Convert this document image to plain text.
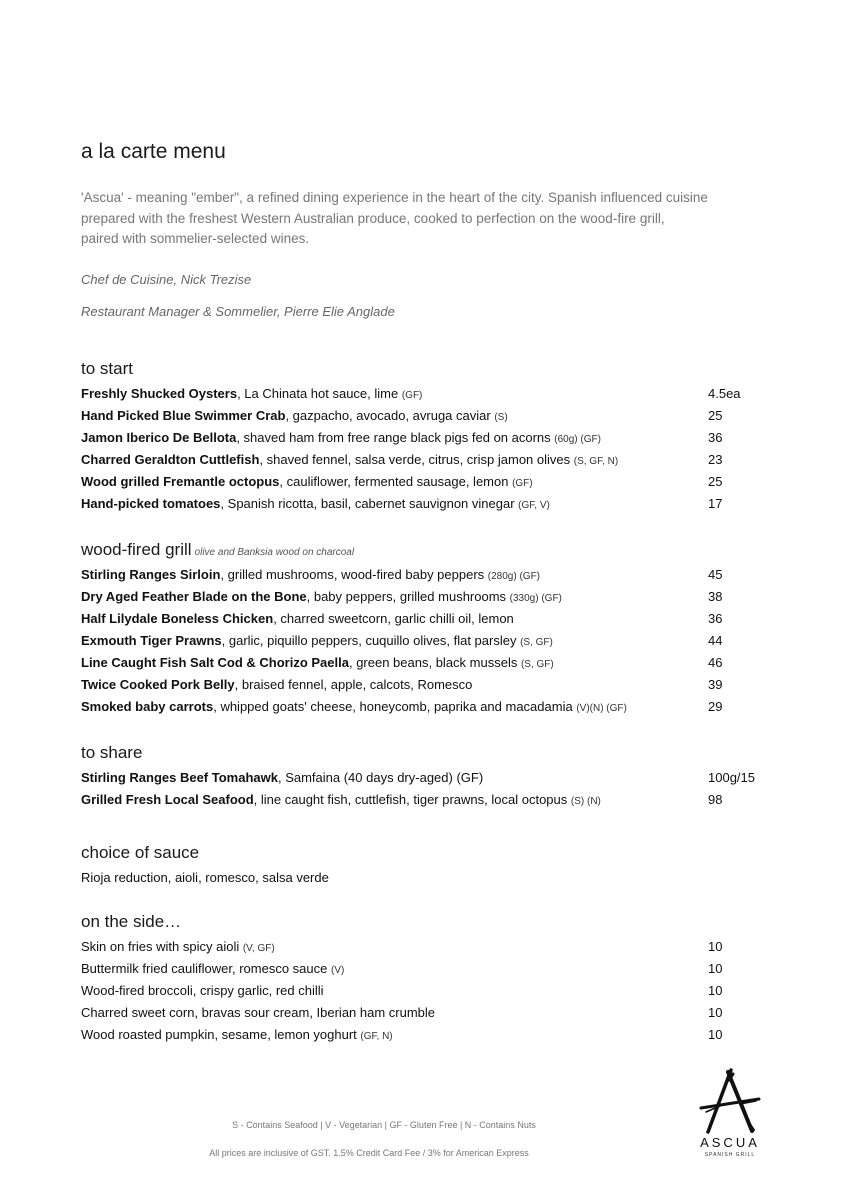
a la carte menu

'Ascua' - meaning "ember", a refined dining experience in the heart of the city. Spanish influenced cuisine

prepared with the freshest Western Australian produce, cooked to perfection on the wood-fire grill,

paired with sommelier-selected wines.

Chef de Cuisine, Nick Trezise
Restaurant Manager & Sommelier, Pierre Elie Anglade
to start
Freshly Shucked Oysters, La Chinata hot sauce, lime (GF)	4.5ea
Hand Picked Blue Swimmer Crab, gazpacho, avocado, avruga caviar (S)	25
Jamon Iberico De Bellota, shaved ham from free range black pigs fed on acorns (60g) (GF)	36
Charred Geraldton Cuttlefish, shaved fennel, salsa verde, citrus, crisp jamon olives (S, GF, N)	23
Wood grilled Fremantle octopus, cauliflower, fermented sausage, lemon (GF)	25
Hand-picked tomatoes, Spanish ricotta, basil, cabernet sauvignon vinegar (GF, V)	17
wood-fired grill olive and Banksia wood on charcoal
Stirling Ranges Sirloin, grilled mushrooms, wood-fired baby peppers (280g) (GF)	45
Dry Aged Feather Blade on the Bone, baby peppers, grilled mushrooms (330g) (GF)	38
Half Lilydale Boneless Chicken, charred sweetcorn, garlic chilli oil, lemon	36
Exmouth Tiger Prawns, garlic, piquillo peppers, cuquillo olives, flat parsley (S, GF)	44
Line Caught Fish Salt Cod & Chorizo Paella, green beans, black mussels (S, GF)	46
Twice Cooked Pork Belly, braised fennel, apple, calcots, Romesco	39
Smoked baby carrots, whipped goats' cheese, honeycomb, paprika and macadamia (V)(N) (GF)	29
to share
Stirling Ranges Beef Tomahawk, Samfaina (40 days dry-aged) (GF)	100g/15
Grilled Fresh Local Seafood, line caught fish, cuttlefish, tiger prawns, local octopus (S) (N)	98
choice of sauce
Rioja reduction, aioli, romesco, salsa verde
on the side…
Skin on fries with spicy aioli (V, GF)	10
Buttermilk fried cauliflower, romesco sauce (V)	10
Wood-fired broccoli, crispy garlic, red chilli	10
Charred sweet corn, bravas sour cream, Iberian ham crumble	10
Wood roasted pumpkin, sesame, lemon yoghurt (GF, N)	10
S - Contains Seafood | V - Vegetarian | GF - Gluten Free | N - Contains Nuts
All prices are inclusive of GST. 1.5% Credit Card Fee / 3% for American Express
ASCUA
SPANISH GRILL
